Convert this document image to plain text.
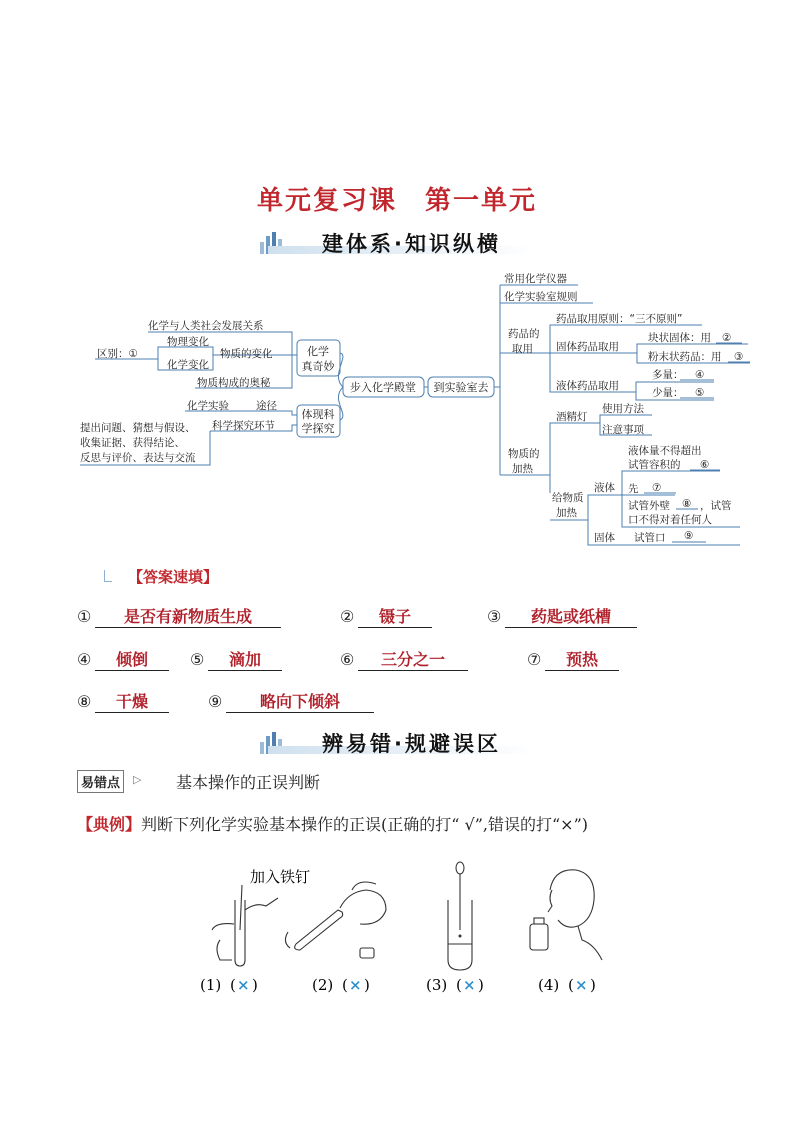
单元复习课　第一单元
建体系·知识纵横
步入化学殿堂
化学
真奇妙
体现科
学探究
化学与人类社会发展关系
物质的变化
物质构成的奥秘
物理变化
化学变化
区别：①
化学实验	途径
科学探究环节
提出问题、猜想与假设、
收集证据、获得结论、
反思与评价、表达与交流
到实验室去
常用化学仪器
化学实验室规则
药品的
取用
药品取用原则：“三不原则”
固体药品取用
块状固体：用 ②
粉末状药品：用 ③
液体药品取用
多量： ④
少量： ⑤
物质的
加热
酒精灯
使用方法
注意事项
给物质
加热
液体
液体量不得超出
试管容积的 ⑥
先 ⑦
试管外壁 ⑧ ，试管
口不得对着任何人
固体 试管口 ⑨
【答案速填】
① 是否有新物质生成	② 镊子	③ 药匙或纸槽
④ 倾倒	⑤ 滴加	⑥ 三分之一	⑦ 预热
⑧ 干燥	⑨ 略向下倾斜
辨易错·规避误区
易错点	▷ 基本操作的正误判断
【典例】判断下列化学实验基本操作的正误(正确的打“ √”,错误的打“×”)
加入铁钉
(1) ( × )	(2) ( × )	(3) ( × )	(4) ( × )
